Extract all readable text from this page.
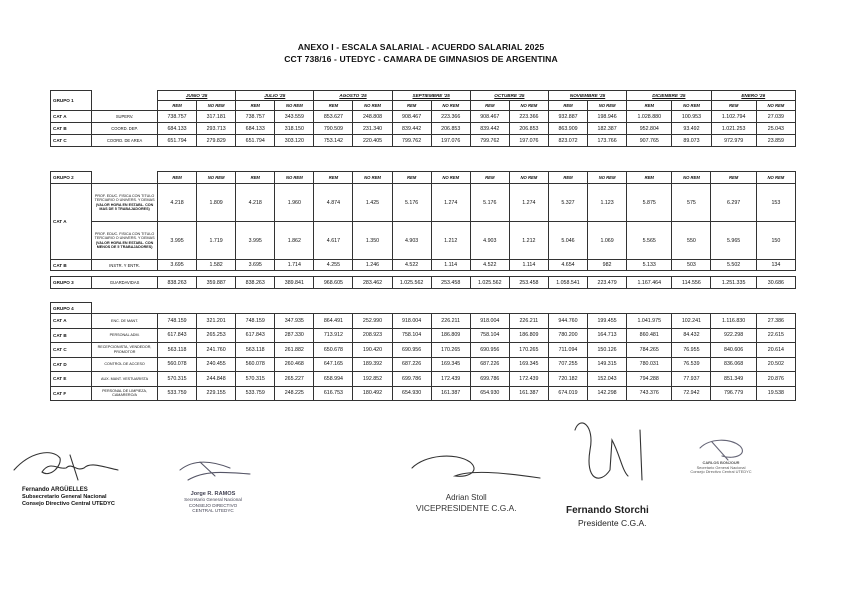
ANEXO I - ESCALA SALARIAL - ACUERDO SALARIAL 2025
CCT 738/16 - UTEDYC - CAMARA DE GIMNASIOS DE ARGENTINA
GRUPO 1		JUNIO '25		JULIO '25		AGOSTO '25		SEPTIEMBRE '25		OCTUBRE '25		NOVIEMBRE '25		DICIEMBRE '25		ENERO '26	
		REM	NO REM	REM	NO REM	REM	NO REM	REM	NO REM	REM	NO REM	REM	NO REM	REM	NO REM	REM	NO REM
CAT A	SUPERV.	738.757	317.181	738.757	343.559	853.627	248.808	908.467	223.366	908.467	223.366	932.887	198.946	1.028.880	100.953	1.102.794	27.039
CAT B	COORD. DEP.	684.133	293.713	684.133	318.150	790.509	231.340	839.442	206.853	839.442	206.853	863.909	182.387	952.804	93.492	1.021.253	25.043
CAT C	COORD. DE AREA	651.794	279.829	651.794	303.120	753.142	220.405	799.762	197.076	799.762	197.076	823.072	173.766	907.765	89.073	972.979	23.859
GRUPO 2		REM	NO REM	REM	NO REM	REM	NO REM	REM	NO REM	REM	NO REM	REM	NO REM	REM	NO REM	REM	NO REM
CAT A	PROF. EDUC. FISICA CON TITULO TERCIARIO O UNIVERS. Y DEMAS
(VALOR HORA EN ESTABL. CON MAS DE 5 TRABAJADORES)	4.218	1.809	4.218	1.960	4.874	1.425	5.176	1.274	5.176	1.274	5.327	1.123	5.875	575	6.297	153

	PROF. EDUC. FISICA CON TITULO TERCIARIO O UNIVERS. Y DEMAS
(VALOR HORA EN ESTABL. CON MENOS DE 5 TRABAJADORES)	3.995	1.719	3.995	1.862	4.617	1.350	4.903	1.212	4.903	1.212	5.046	1.069	5.565	550	5.965	150
CAT B	INSTR. Y ENTR.	3.695	1.582	3.695	1.714	4.255	1.246	4.522	1.114	4.522	1.114	4.654	982	5.133	503	5.502	134
GRUPO 3	GUARDAVIDAS	838.263	359.887	838.263	389.841	968.605	283.462	1.025.562	253.458	1.025.562	253.458	1.058.541	223.479	1.167.464	114.556	1.251.335	30.686
GRUPO 4																	
CAT A	ENC. DE MANT.	748.159	321.201	748.159	347.935	864.491	252.990	918.004	226.211	918.004	226.211	944.760	199.455	1.041.975	102.241	1.116.830	27.386
CAT B	PERSONAL ADM.	617.843	265.253	617.843	287.330	713.912	208.923	758.104	186.809	758.104	186.809	780.200	164.713	860.481	84.432	922.298	22.615
CAT C	RECEPCIONISTA, VENDEDOR, PROMOTOR	563.118	241.760	563.118	261.882	650.678	190.420	690.956	170.265	690.956	170.265	711.094	150.126	784.265	76.955	840.606	20.614
CAT D	CONTROL DE ACCESO	560.078	240.455	560.078	260.468	647.165	189.392	687.226	169.345	687.226	169.345	707.255	149.315	780.031	76.539	836.068	20.502
CAT E	AUX. MANT. VESTUARISTA	570.315	244.848	570.315	265.227	658.994	192.852	699.786	172.439	699.786	172.439	720.182	152.043	794.288	77.937	851.349	20.876
CAT F	PERSONAL DE LIMPIEZA, CAMARERO/A	533.759	229.155	533.759	248.225	616.753	180.492	654.930	161.387	654.930	161.387	674.019	142.298	743.376	72.942	796.779	19.538
Fernando ARGÜELLES
Subsecretario General Nacional
Consejo Directivo Central UTEDYC
Jorge R. RAMOS
Secretario General Nacional
CONSEJO DIRECTIVO CENTRAL UTEDYC
Adrian Stoll
VICEPRESIDENTE C.G.A.	Fernando Storchi
Presidente C.G.A.
CARLOS BONJOUR
Secretario General Nacional
Consejo Directivo Central UTEDYC
